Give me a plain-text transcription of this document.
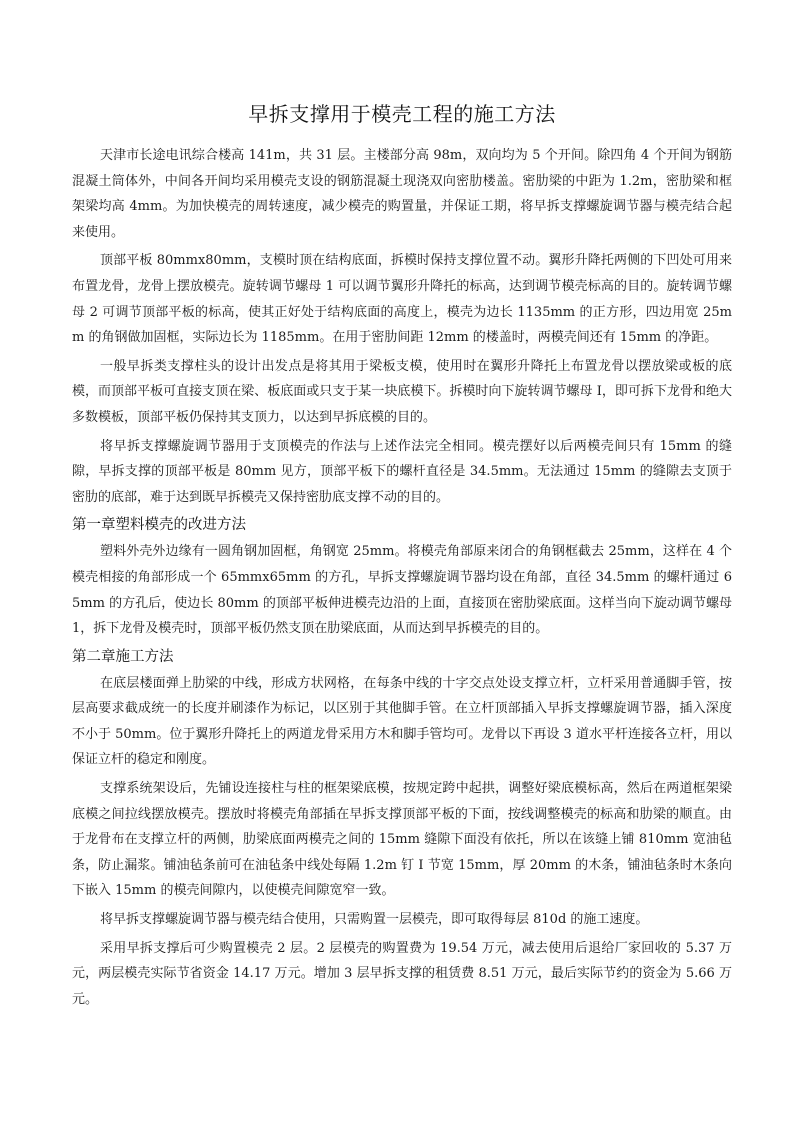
早拆支撑用于模壳工程的施工方法

天津市长途电讯综合楼高 141m，共 31 层。主楼部分高 98m，双向均为 5 个开间。除四角 4 个开间为钢筋混凝土筒体外，中间各开间均采用模壳支设的钢筋混凝土现浇双向密肋楼盖。密肋梁的中距为 1.2m，密肋梁和框架梁均高 4mm。为加快模壳的周转速度，减少模壳的购置量，并保证工期，将早拆支撑螺旋调节器与模壳结合起来使用。

顶部平板 80mmx80mm，支模时顶在结构底面，拆模时保持支撑位置不动。翼形升降托两侧的下凹处可用来布置龙骨，龙骨上摆放模壳。旋转调节螺母 1 可以调节翼形升降托的标高，达到调节模壳标高的目的。旋转调节螺母 2 可调节顶部平板的标高，使其正好处于结构底面的高度上，模壳为边长 1135mm 的正方形，四边用宽 25mm 的角钢做加固框，实际边长为 1185mm。在用于密肋间距 12mm 的楼盖时，两模壳间还有 15mm 的净距。

一般早拆类支撑柱头的设计出发点是将其用于梁板支模，使用时在翼形升降托上布置龙骨以摆放梁或板的底模，而顶部平板可直接支顶在梁、板底面或只支于某一块底模下。拆模时向下旋转调节螺母 I，即可拆下龙骨和绝大多数模板，顶部平板仍保持其支顶力，以达到早拆底模的目的。

将早拆支撑螺旋调节器用于支顶模壳的作法与上述作法完全相同。模壳摆好以后两模壳间只有 15mm 的缝隙，早拆支撑的顶部平板是 80mm 见方，顶部平板下的螺杆直径是 34.5mm。无法通过 15mm 的缝隙去支顶于密肋的底部，难于达到既早拆模壳又保持密肋底支撑不动的目的。

第一章塑料模壳的改进方法

塑料外壳外边缘有一圆角钢加固框，角钢宽 25mm。将模壳角部原来闭合的角钢框截去 25mm，这样在 4 个模壳相接的角部形成一个 65mmx65mm 的方孔，早拆支撑螺旋调节器均设在角部，直径 34.5mm 的螺杆通过 65mm 的方孔后，使边长 80mm 的顶部平板伸进模壳边沿的上面，直接顶在密肋梁底面。这样当向下旋动调节螺母 1，拆下龙骨及模壳时，顶部平板仍然支顶在肋梁底面，从而达到早拆模壳的目的。

第二章施工方法

在底层楼面弹上肋梁的中线，形成方状网格，在每条中线的十字交点处设支撑立杆，立杆采用普通脚手管，按层高要求截成统一的长度并刷漆作为标记，以区别于其他脚手管。在立杆顶部插入早拆支撑螺旋调节器，插入深度不小于 50mm。位于翼形升降托上的两道龙骨采用方木和脚手管均可。龙骨以下再设 3 道水平杆连接各立杆，用以保证立杆的稳定和刚度。

支撑系统架设后，先铺设连接柱与柱的框架梁底模，按规定跨中起拱，调整好梁底模标高，然后在两道框架梁底模之间拉线摆放模壳。摆放时将模壳角部插在早拆支撑顶部平板的下面，按线调整模壳的标高和肋梁的顺直。由于龙骨布在支撑立杆的两侧，肋梁底面两模壳之间的 15mm 缝隙下面没有依托，所以在该缝上铺 810mm 宽油毡条，防止漏浆。铺油毡条前可在油毡条中线处每隔 1.2m 钉 I 节宽 15mm，厚 20mm 的木条，铺油毡条时木条向下嵌入 15mm 的模壳间隙内，以使模壳间隙宽窄一致。

将早拆支撑螺旋调节器与模壳结合使用，只需购置一层模壳，即可取得每层 810d 的施工速度。

采用早拆支撑后可少购置模壳 2 层。2 层模壳的购置费为 19.54 万元，减去使用后退给厂家回收的 5.37 万元，两层模壳实际节省资金 14.17 万元。增加 3 层早拆支撑的租赁费 8.51 万元，最后实际节约的资金为 5.66 万元。
